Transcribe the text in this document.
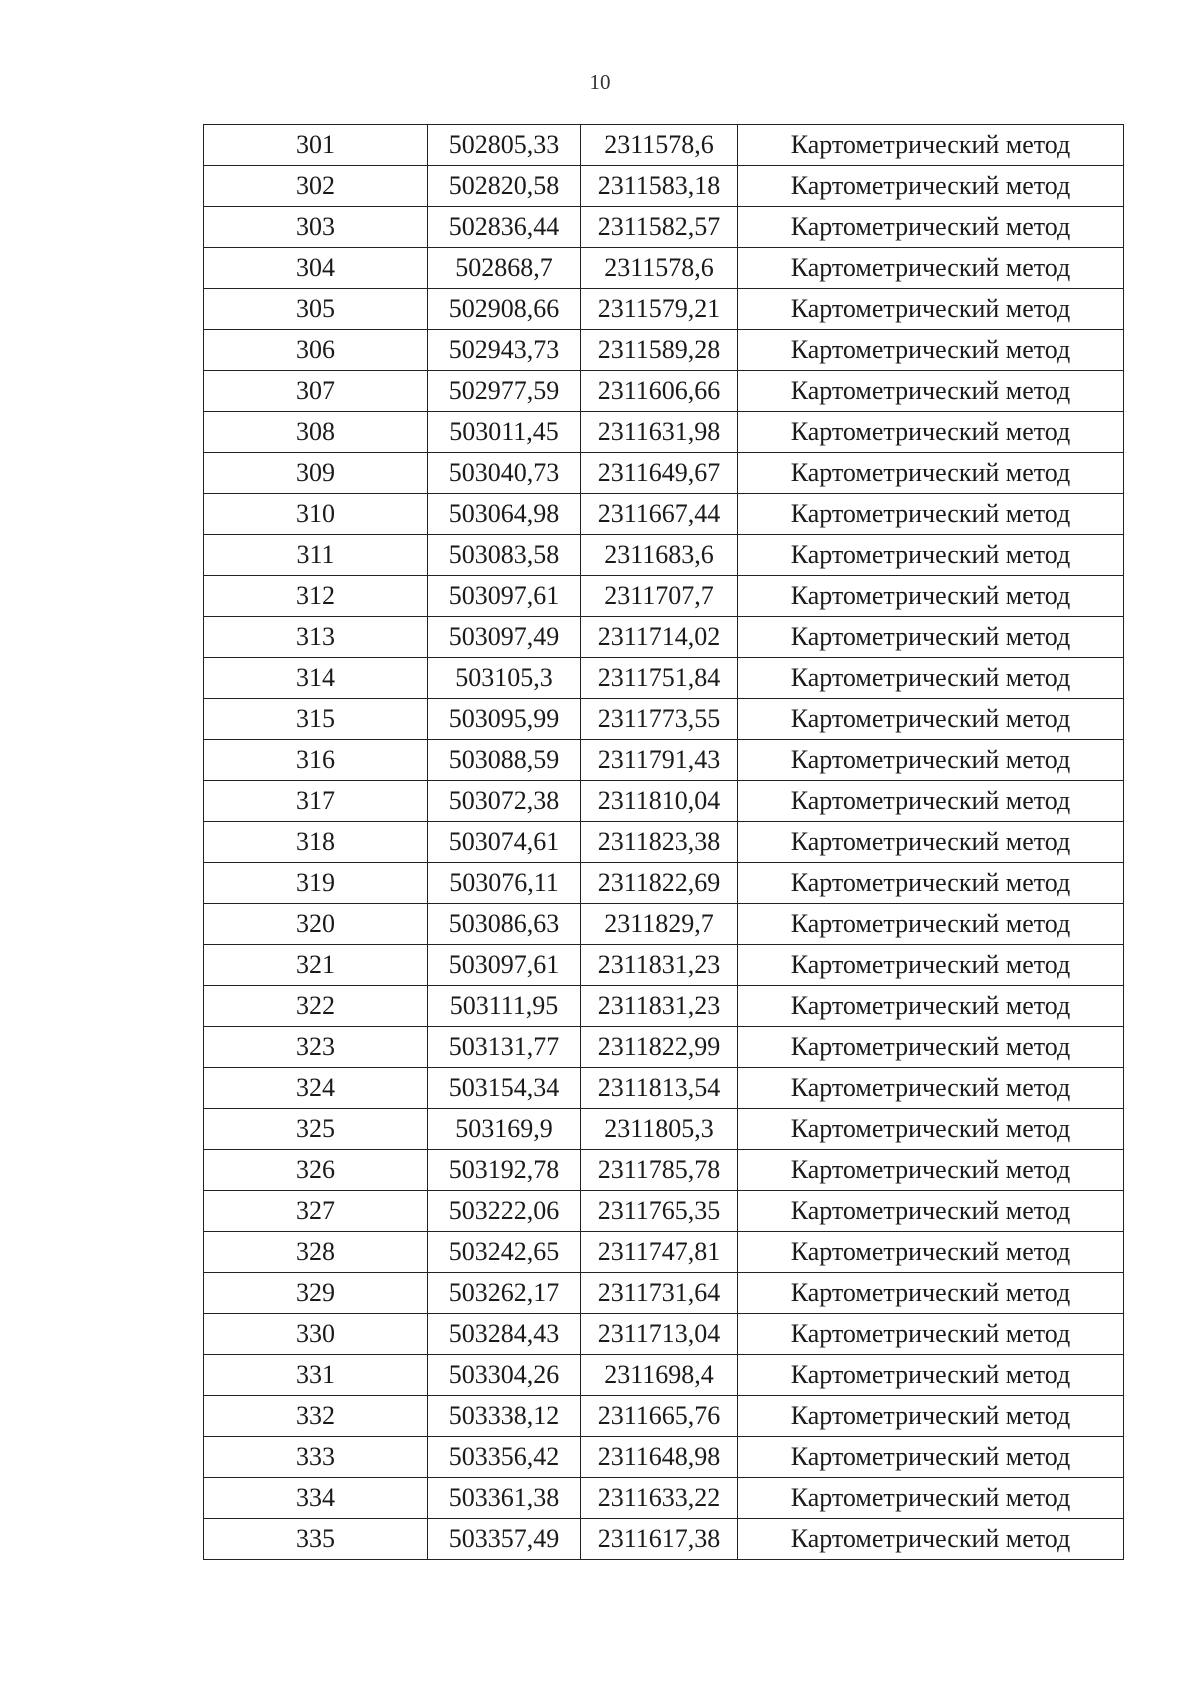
10
301	502805,33	2311578,6	Картометрический метод
302	502820,58	2311583,18	Картометрический метод
303	502836,44	2311582,57	Картометрический метод
304	502868,7	2311578,6	Картометрический метод
305	502908,66	2311579,21	Картометрический метод
306	502943,73	2311589,28	Картометрический метод
307	502977,59	2311606,66	Картометрический метод
308	503011,45	2311631,98	Картометрический метод
309	503040,73	2311649,67	Картометрический метод
310	503064,98	2311667,44	Картометрический метод
311	503083,58	2311683,6	Картометрический метод
312	503097,61	2311707,7	Картометрический метод
313	503097,49	2311714,02	Картометрический метод
314	503105,3	2311751,84	Картометрический метод
315	503095,99	2311773,55	Картометрический метод
316	503088,59	2311791,43	Картометрический метод
317	503072,38	2311810,04	Картометрический метод
318	503074,61	2311823,38	Картометрический метод
319	503076,11	2311822,69	Картометрический метод
320	503086,63	2311829,7	Картометрический метод
321	503097,61	2311831,23	Картометрический метод
322	503111,95	2311831,23	Картометрический метод
323	503131,77	2311822,99	Картометрический метод
324	503154,34	2311813,54	Картометрический метод
325	503169,9	2311805,3	Картометрический метод
326	503192,78	2311785,78	Картометрический метод
327	503222,06	2311765,35	Картометрический метод
328	503242,65	2311747,81	Картометрический метод
329	503262,17	2311731,64	Картометрический метод
330	503284,43	2311713,04	Картометрический метод
331	503304,26	2311698,4	Картометрический метод
332	503338,12	2311665,76	Картометрический метод
333	503356,42	2311648,98	Картометрический метод
334	503361,38	2311633,22	Картометрический метод
335	503357,49	2311617,38	Картометрический метод
